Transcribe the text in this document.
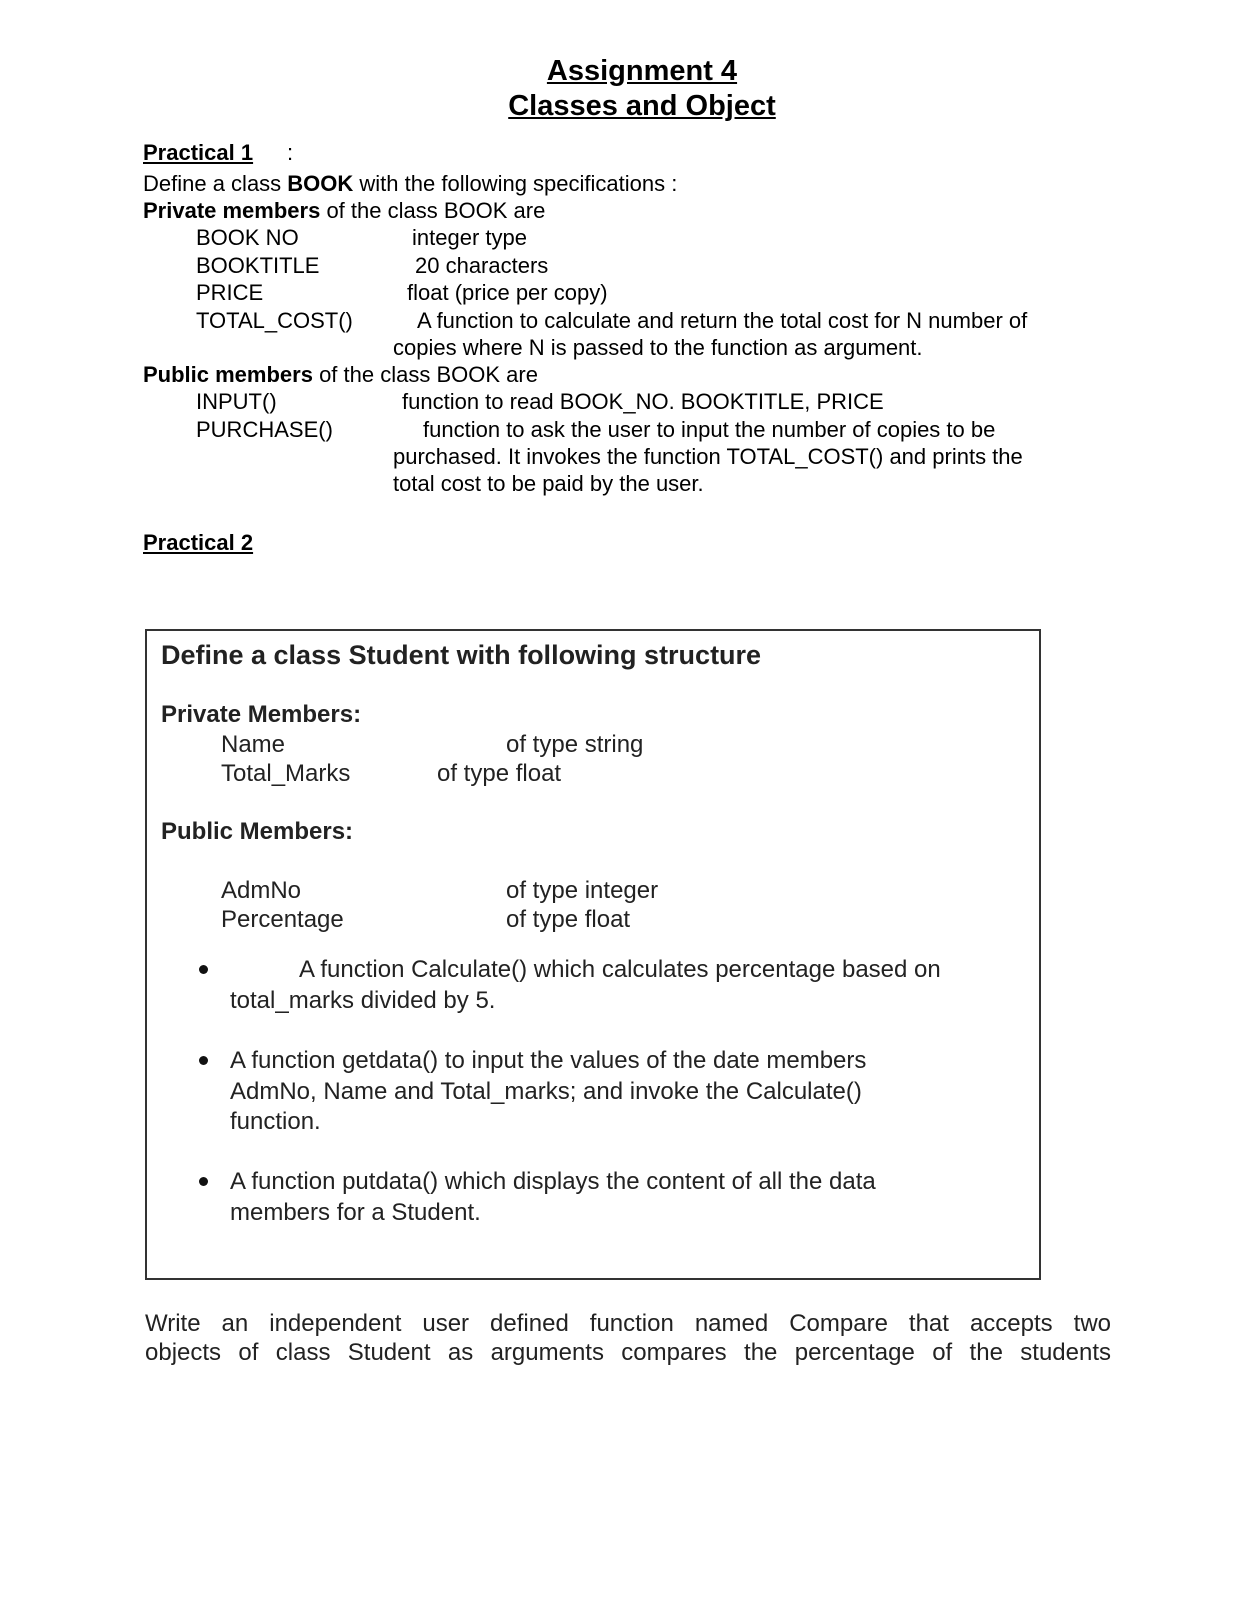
Assignment 4
Classes and Object
Practical 1 :
Define a class BOOK with the following specifications :
Private members of the class BOOK are
BOOK NO	integer type
BOOKTITLE	20 characters
PRICE	float (price per copy)
TOTAL_COST()	A function to calculate and return the total cost for N number of
copies where N is passed to the function as argument.
Public members of the class BOOK are
INPUT()	function to read BOOK_NO. BOOKTITLE, PRICE
PURCHASE()	function to ask the user to input the number of copies to be
purchased. It invokes the function TOTAL_COST() and prints the
total cost to be paid by the user.
Practical 2
Define a class Student with following structure
Private Members:
Name	of type string
Total_Marks	of type float
Public Members:
AdmNo	of type integer
Percentage	of type float
A function Calculate() which calculates percentage based on
total_marks divided by 5.
A function getdata() to input the values of the date members
AdmNo, Name and Total_marks; and invoke the Calculate()
function.
A function putdata() which displays the content of all the data
members for a Student.
Write an independent user defined function named Compare that accepts two
objects of class Student as arguments compares the percentage of the students
